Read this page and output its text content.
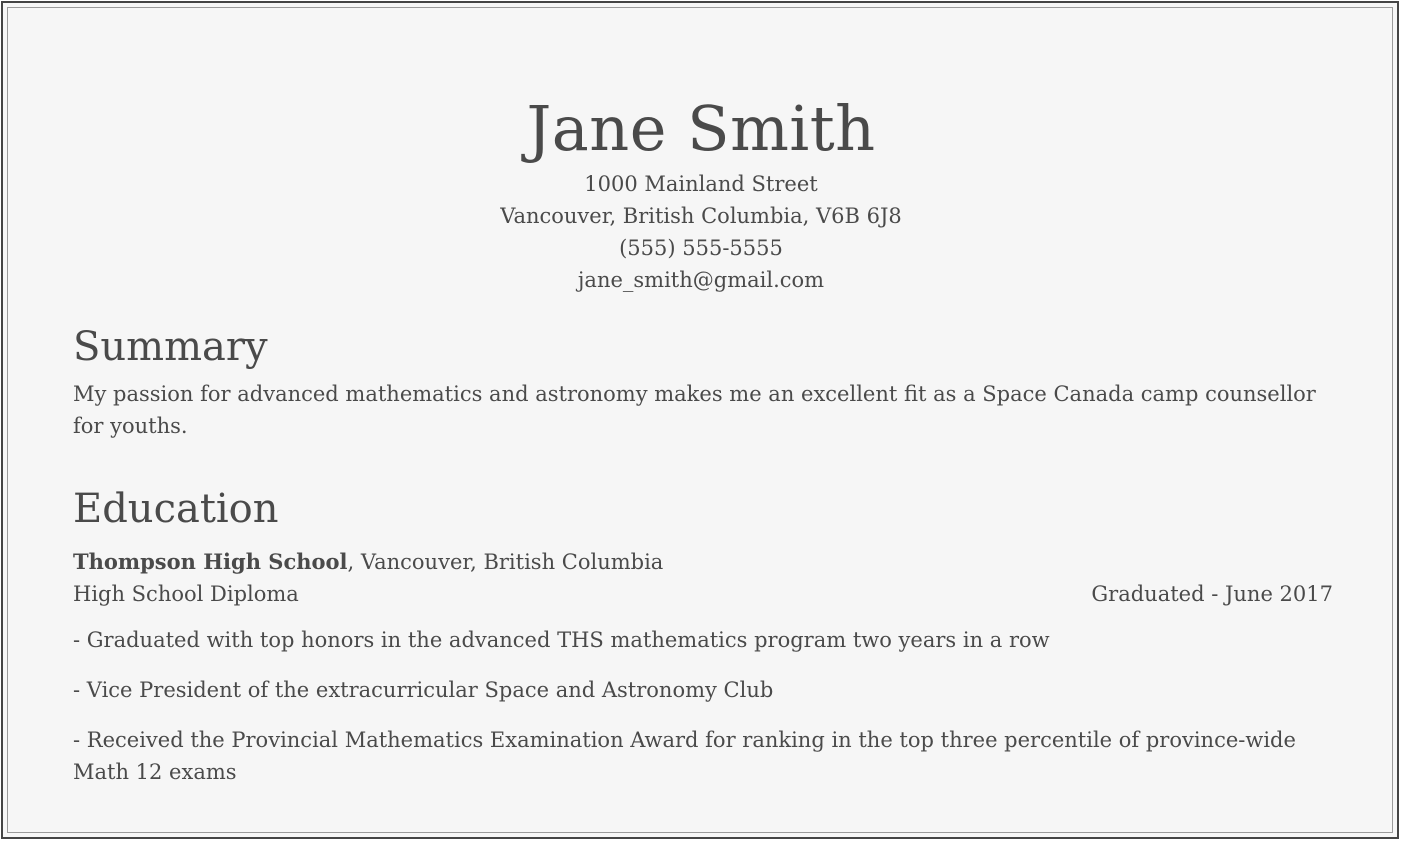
Jane Smith

1000 Mainland Street

Vancouver, British Columbia, V6B 6J8

(555) 555-5555

jane_smith@gmail.com

Summary

My passion for advanced mathematics and astronomy makes me an excellent fit as a Space Canada camp counsellor for youths.

Education

Thompson High School, Vancouver, British Columbia

High School Diploma	Graduated - June 2017

- Graduated with top honors in the advanced THS mathematics program two years in a row

- Vice President of the extracurricular Space and Astronomy Club

- Received the Provincial Mathematics Examination Award for ranking in the top three percentile of province-wide Math 12 exams
